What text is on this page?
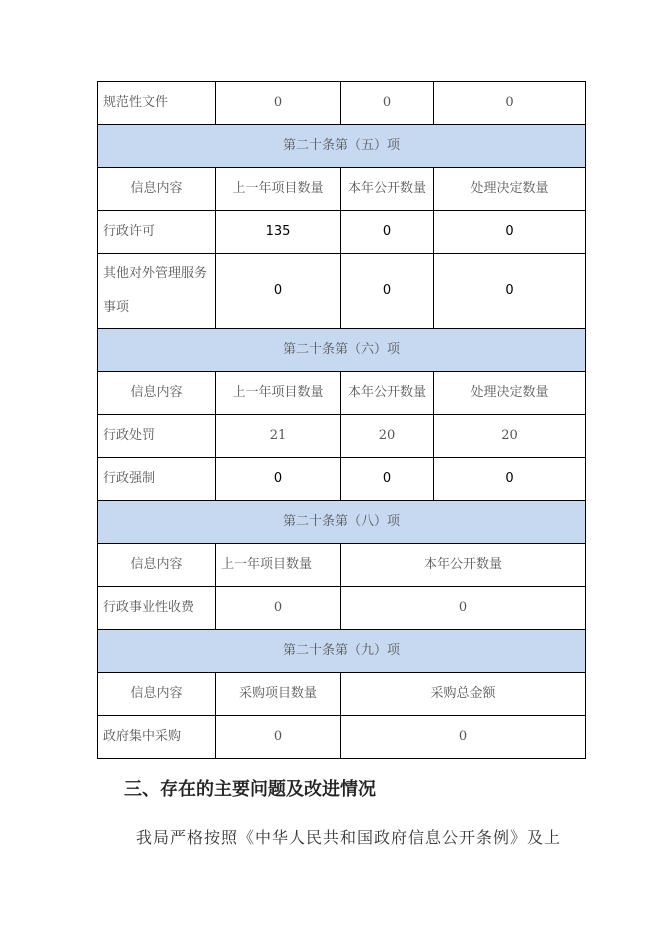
规范性文件	0	0	0
第二十条第（五）项			
信息内容	上一年项目数量	本年公开数量	处理决定数量
行政许可	135	0	0
其他对外管理服务事项	0	0	0
第二十条第（六）项			
信息内容	上一年项目数量	本年公开数量	处理决定数量
行政处罚	21	20	20
行政强制	0	0	0
第二十条第（八）项			
信息内容	上一年项目数量	本年公开数量	
行政事业性收费	0	0	
第二十条第（九）项			
信息内容	采购项目数量	采购总金额	
政府集中采购	0	0	
三、存在的主要问题及改进情况
我局严格按照《中华人民共和国政府信息公开条例》及上
